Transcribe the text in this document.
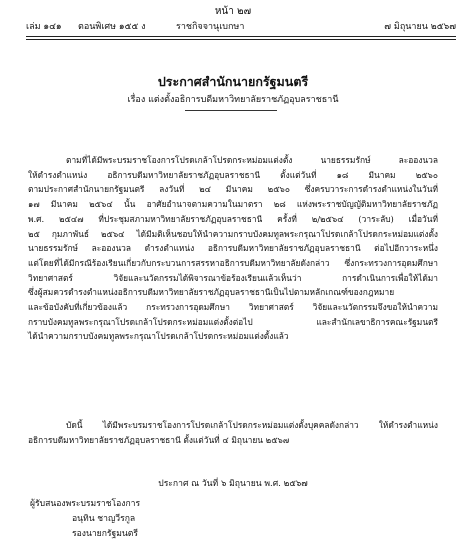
หน้า ๒๗
เล่ม ๑๔๑ ตอนพิเศษ ๑๕๕ ง	ราชกิจจานุเบกษา	๗ มิถุนายน ๒๕๖๗
ประกาศสำนักนายกรัฐมนตรี
เรื่อง แต่งตั้งอธิการบดีมหาวิทยาลัยราชภัฏอุบลราชธานี

ตามที่ได้มีพระบรมราชโองการโปรดเกล้าโปรดกระหม่อมแต่งตั้ง นายธรรมรักษ์ ละอองนวล
ให้ดำรงตำแหน่ง อธิการบดีมหาวิทยาลัยราชภัฏอุบลราชธานี ตั้งแต่วันที่ ๑๘ มีนาคม ๒๕๖๐
ตามประกาศสำนักนายกรัฐมนตรี ลงวันที่ ๒๔ มีนาคม ๒๕๖๐ ซึ่งครบวาระการดำรงตำแหน่งในวันที่
๑๗ มีนาคม ๒๕๖๔ นั้น อาศัยอำนาจตามความในมาตรา ๒๘ แห่งพระราชบัญญัติมหาวิทยาลัยราชภัฏ
พ.ศ. ๒๕๔๗ ที่ประชุมสภามหาวิทยาลัยราชภัฏอุบลราชธานี ครั้งที่ ๒/๒๕๖๔ (วาระลับ) เมื่อวันที่
๒๕ กุมภาพันธ์ ๒๕๖๔ ได้มีมติเห็นชอบให้นำความกราบบังคมทูลพระกรุณาโปรดเกล้าโปรดกระหม่อมแต่งตั้ง
นายธรรมรักษ์ ละอองนวล ดำรงตำแหน่ง อธิการบดีมหาวิทยาลัยราชภัฏอุบลราชธานี ต่อไปอีกวาระหนึ่ง
แต่โดยที่ได้มีกรณีร้องเรียนเกี่ยวกับกระบวนการสรรหาอธิการบดีมหาวิทยาลัยดังกล่าว ซึ่งกระทรวงการอุดมศึกษา
วิทยาศาสตร์ วิจัยและนวัตกรรมได้พิจารณาข้อร้องเรียนแล้วเห็นว่า การดำเนินการเพื่อให้ได้มา
ซึ่งผู้สมควรดำรงตำแหน่งอธิการบดีมหาวิทยาลัยราชภัฏอุบลราชธานีเป็นไปตามหลักเกณฑ์ของกฎหมาย
และข้อบังคับที่เกี่ยวข้องแล้ว กระทรวงการอุดมศึกษา วิทยาศาสตร์ วิจัยและนวัตกรรมจึงขอให้นำความ
กราบบังคมทูลพระกรุณาโปรดเกล้าโปรดกระหม่อมแต่งตั้งต่อไป และสำนักเลขาธิการคณะรัฐมนตรี
ได้นำความกราบบังคมทูลพระกรุณาโปรดเกล้าโปรดกระหม่อมแต่งตั้งแล้ว

บัดนี้ ได้มีพระบรมราชโองการโปรดเกล้าโปรดกระหม่อมแต่งตั้งบุคคลดังกล่าว ให้ดำรงตำแหน่ง
อธิการบดีมหาวิทยาลัยราชภัฏอุบลราชธานี ตั้งแต่วันที่ ๔ มิถุนายน ๒๕๖๗

ประกาศ ณ วันที่ ๖ มิถุนายน พ.ศ. ๒๕๖๗
ผู้รับสนองพระบรมราชโองการ
อนุทิน ชาญวีรกูล
รองนายกรัฐมนตรี
